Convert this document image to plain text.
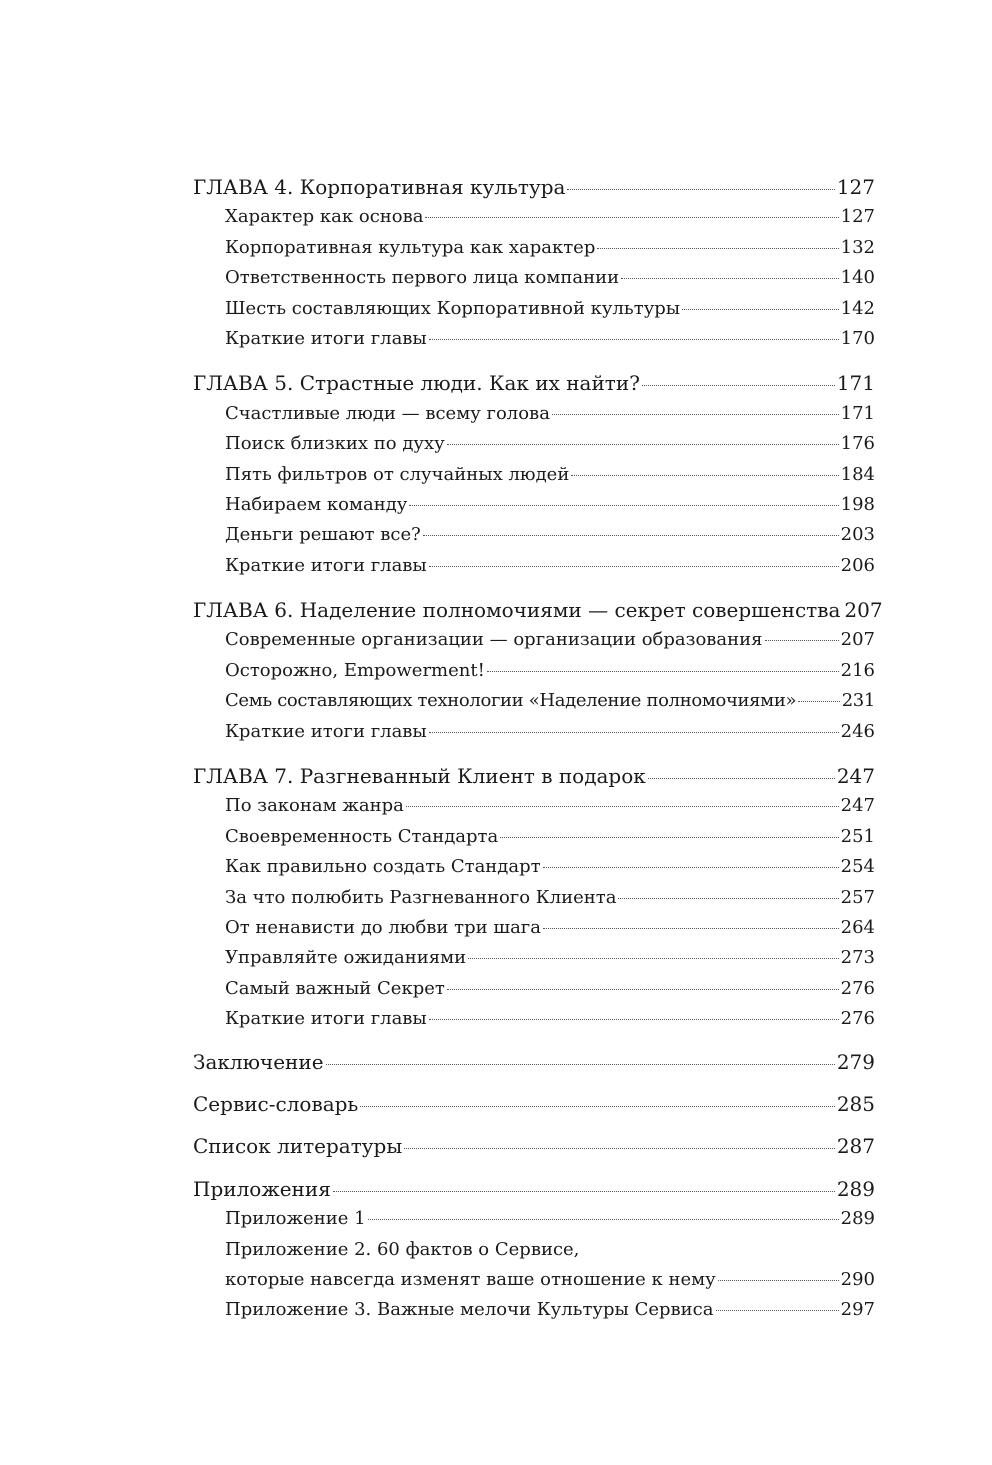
ГЛАВА 4. Корпоративная культура	127
Характер как основа	127
Корпоративная культура как характер	132
Ответственность первого лица компании	140
Шесть составляющих Корпоративной культуры	142
Краткие итоги главы	170
ГЛАВА 5. Страстные люди. Как их найти?	171
Счастливые люди — всему голова	171
Поиск близких по духу	176
Пять фильтров от случайных людей	184
Набираем команду	198
Деньги решают все?	203
Краткие итоги главы	206
ГЛАВА 6. Наделение полномочиями — секрет совершенства 207
Современные организации — организации образования	207
Осторожно, Empowerment!	216
Семь составляющих технологии «Наделение полномочиями»	231
Краткие итоги главы	246
ГЛАВА 7. Разгневанный Клиент в подарок	247
По законам жанра	247
Своевременность Стандарта	251
Как правильно создать Стандарт	254
За что полюбить Разгневанного Клиента	257
От ненависти до любви три шага	264
Управляйте ожиданиями	273
Самый важный Секрет	276
Краткие итоги главы	276
Заключение	279
Сервис-словарь	285
Список литературы	287
Приложения	289
Приложение 1	289
Приложение 2. 60 фактов о Сервисе,
которые навсегда изменят ваше отношение к нему	290
Приложение 3. Важные мелочи Культуры Сервиса	297
